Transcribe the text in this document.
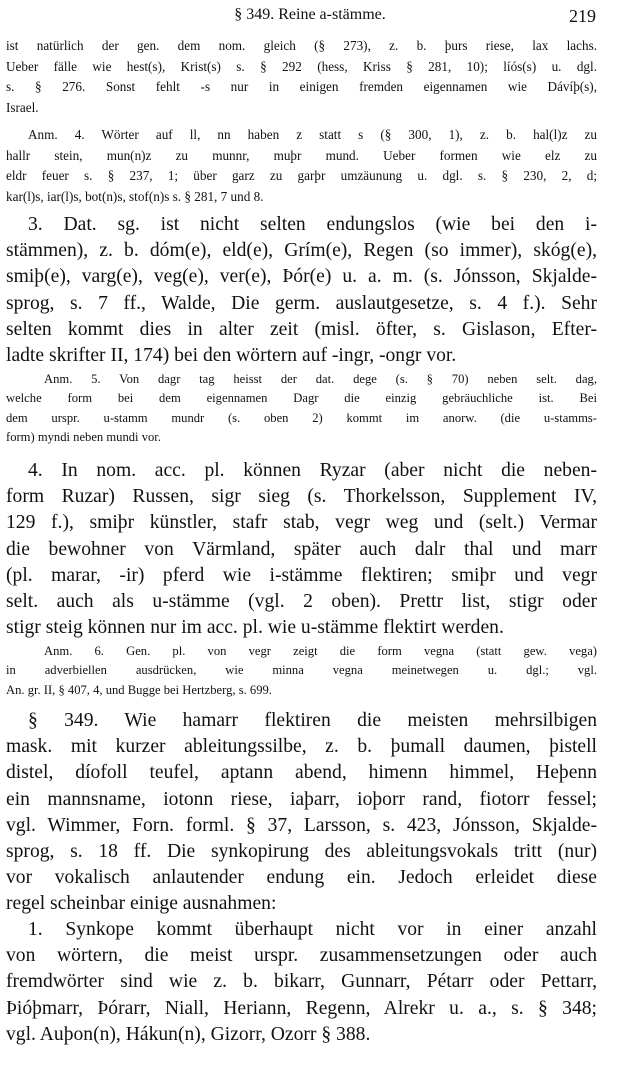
§ 349. Reine a-stämme.	219
ist natürlich der gen. dem nom. gleich (§ 273), z. b. þurs riese, lax lachs.
Ueber fälle wie hest(s), Krist(s) s. § 292 (hess, Kriss § 281, 10); líós(s) u. dgl.
s. § 276. Sonst fehlt -s nur in einigen fremden eigennamen wie Dávíþ(s),
Israel.
Anm. 4. Wörter auf ll, nn haben z statt s (§ 300, 1), z. b. hal(l)z zu
hallr stein, mun(n)z zu munnr, muþr mund. Ueber formen wie elz zu
eldr feuer s. § 237, 1; über garz zu garþr umzäunung u. dgl. s. § 230, 2, d;
kar(l)s, iar(l)s, bot(n)s, stof(n)s s. § 281, 7 und 8.
3. Dat. sg. ist nicht selten endungslos (wie bei den i-
stämmen), z. b. dóm(e), eld(e), Grím(e), Regen (so immer), skóg(e),
smiþ(e), varg(e), veg(e), ver(e), Þór(e) u. a. m. (s. Jónsson, Skjalde-
sprog, s. 7 ff., Walde, Die germ. auslautgesetze, s. 4 f.). Sehr
selten kommt dies in alter zeit (misl. öfter, s. Gislason, Efter-
ladte skrifter II, 174) bei den wörtern auf -ingr, -ongr vor.
Anm. 5. Von dagr tag heisst der dat. dege (s. § 70) neben selt. dag,
welche form bei dem eigennamen Dagr die einzig gebräuchliche ist. Bei
dem urspr. u-stamm mundr (s. oben 2) kommt im anorw. (die u-stamms-
form) myndi neben mundi vor.
4. In nom. acc. pl. können Ryzar (aber nicht die neben-
form Ruzar) Russen, sigr sieg (s. Thorkelsson, Supplement IV,
129 f.), smiþr künstler, stafr stab, vegr weg und (selt.) Vermar
die bewohner von Värmland, später auch dalr thal und marr
(pl. marar, -ir) pferd wie i-stämme flektiren; smiþr und vegr
selt. auch als u-stämme (vgl. 2 oben). Prettr list, stigr oder
stigr steig können nur im acc. pl. wie u-stämme flektirt werden.
Anm. 6. Gen. pl. von vegr zeigt die form vegna (statt gew. vega)
in adverbiellen ausdrücken, wie minna vegna meinetwegen u. dgl.; vgl.
An. gr. II, § 407, 4, und Bugge bei Hertzberg, s. 699.
§ 349. Wie hamarr flektiren die meisten mehrsilbigen
mask. mit kurzer ableitungssilbe, z. b. þumall daumen, þistell
distel, díofoll teufel, aptann abend, himenn himmel, Heþenn
ein mannsname, iotonn riese, iaþarr, ioþorr rand, fiotorr fessel;
vgl. Wimmer, Forn. forml. § 37, Larsson, s. 423, Jónsson, Skjalde-
sprog, s. 18 ff. Die synkopirung des ableitungsvokals tritt (nur)
vor vokalisch anlautender endung ein. Jedoch erleidet diese
regel scheinbar einige ausnahmen:
1. Synkope kommt überhaupt nicht vor in einer anzahl
von wörtern, die meist urspr. zusammensetzungen oder auch
fremdwörter sind wie z. b. bikarr, Gunnarr, Pétarr oder Pettarr,
Þióþmarr, Þórarr, Niall, Heriann, Regenn, Alrekr u. a., s. § 348;
vgl. Auþon(n), Hákun(n), Gizorr, Ozorr § 388.
